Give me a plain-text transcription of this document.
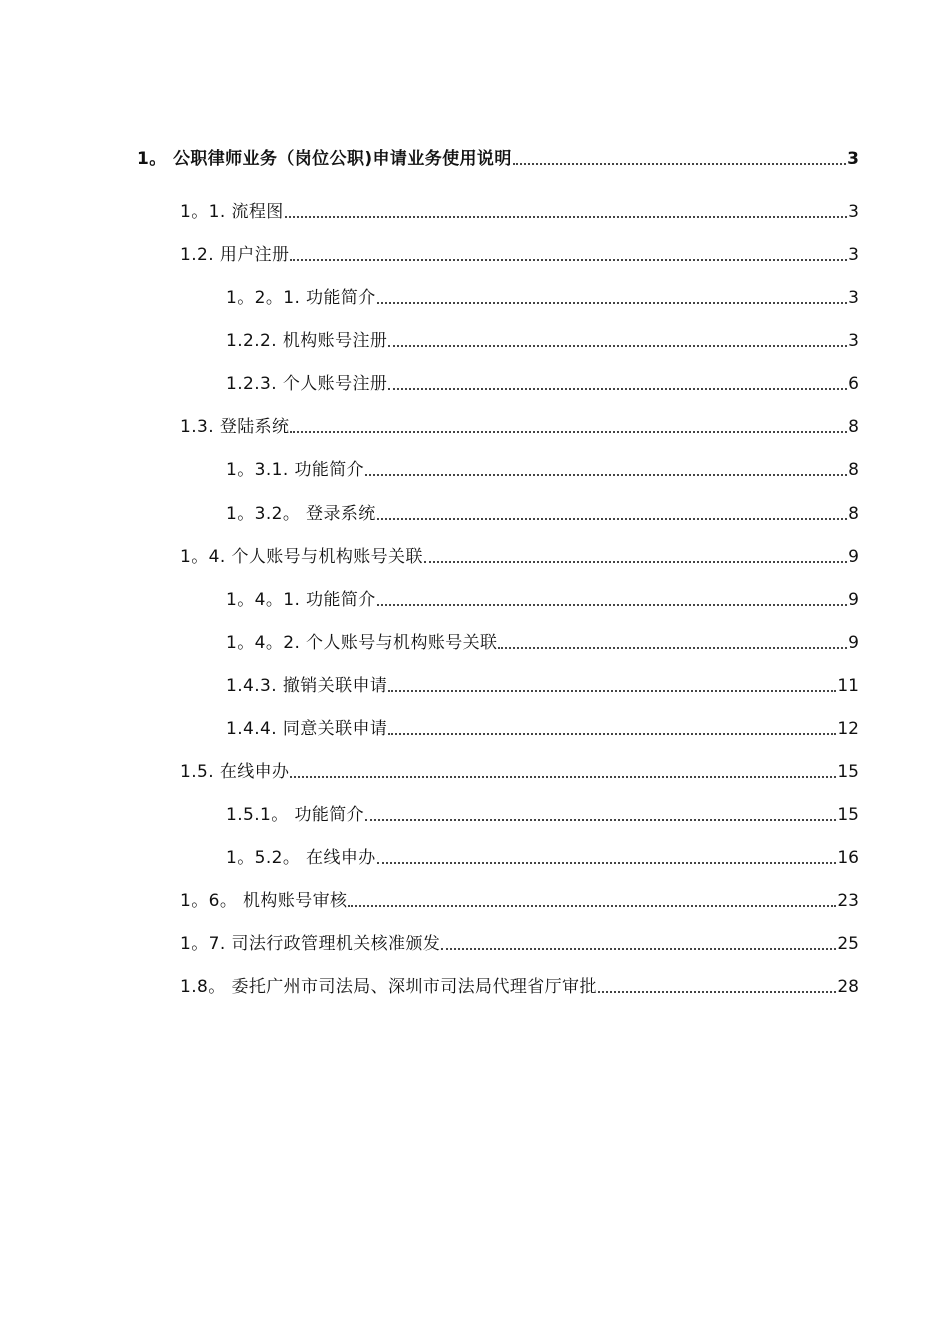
1。 公职律师业务（岗位公职)申请业务使用说明	3
1。1. 流程图	3
1.2. 用户注册	3
1。2。1. 功能简介	3
1.2.2. 机构账号注册	3
1.2.3. 个人账号注册	6
1.3. 登陆系统	8
1。3.1. 功能简介	8
1。3.2。 登录系统	8
1。4. 个人账号与机构账号关联	9
1。4。1. 功能简介	9
1。4。2. 个人账号与机构账号关联	9
1.4.3. 撤销关联申请	11
1.4.4. 同意关联申请	12
1.5. 在线申办	15
1.5.1。 功能简介	15
1。5.2。 在线申办	16
1。6。 机构账号审核	23
1。7. 司法行政管理机关核准颁发	25
1.8。 委托广州市司法局、深圳市司法局代理省厅审批	28
